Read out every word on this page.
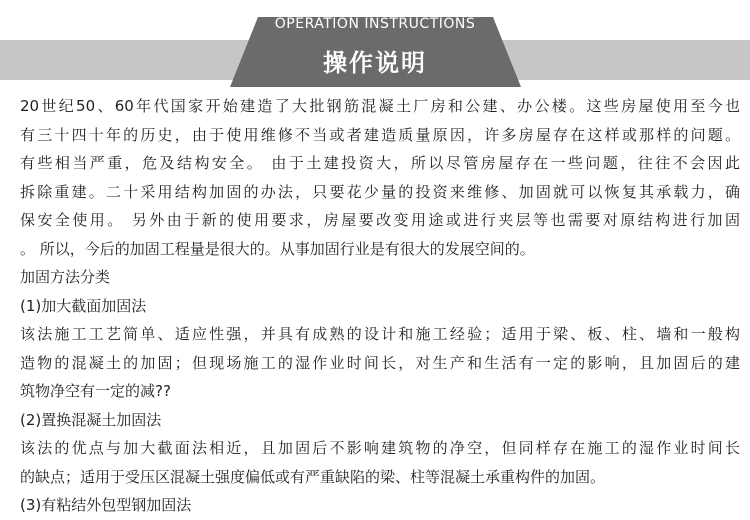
OPERATION INSTRUCTIONS
操作说明
20世纪50、60年代国家开始建造了大批钢筋混凝土厂房和公建、办公楼。这些房屋使用至今也
有三十四十年的历史，由于使用维修不当或者建造质量原因，许多房屋存在这样或那样的问题。
有些相当严重，危及结构安全。 由于土建投资大，所以尽管房屋存在一些问题，往往不会因此
拆除重建。二十采用结构加固的办法，只要花少量的投资来维修、加固就可以恢复其承载力，确
保安全使用。 另外由于新的使用要求，房屋要改变用途或进行夹层等也需要对原结构进行加固
。 所以，今后的加固工程量是很大的。从事加固行业是有很大的发展空间的。
加固方法分类
(1)加大截面加固法
该法施工工艺简单、适应性强，并具有成熟的设计和施工经验；适用于梁、板、柱、墙和一般构
造物的混凝土的加固；但现场施工的湿作业时间长，对生产和生活有一定的影响，且加固后的建
筑物净空有一定的减??
(2)置换混凝土加固法
该法的优点与加大截面法相近，且加固后不影响建筑物的净空，但同样存在施工的湿作业时间长
的缺点；适用于受压区混凝土强度偏低或有严重缺陷的梁、柱等混凝土承重构件的加固。
(3)有粘结外包型钢加固法
